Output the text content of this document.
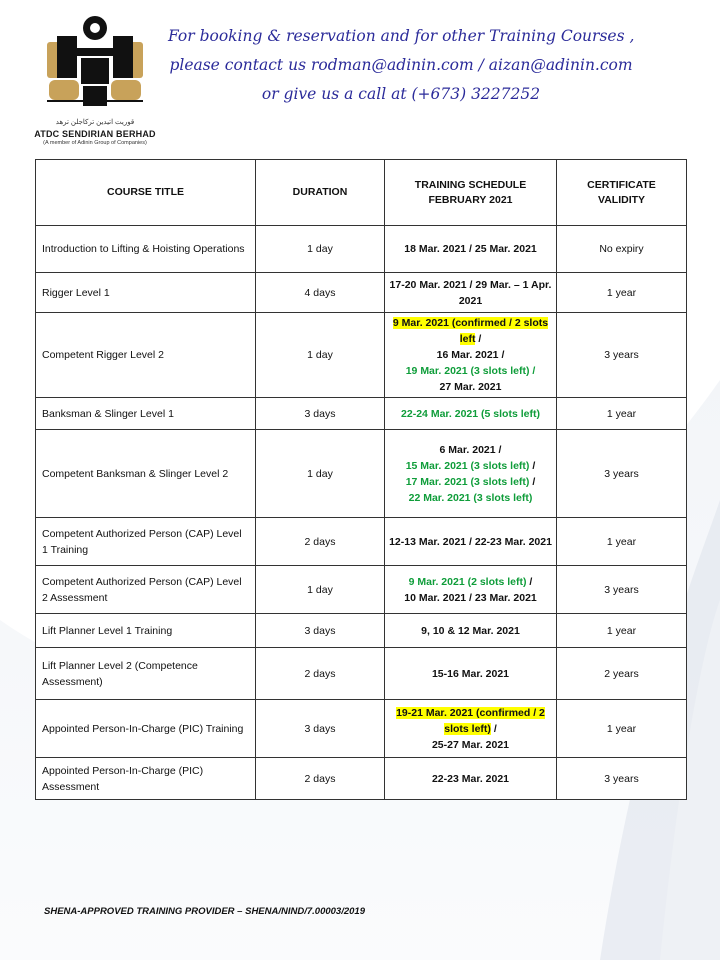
قوريت اتيدين ترکاجلن ترهد
ATDC SENDIRIAN BERHAD
(A member of Adinin Group of Companies)
For booking & reservation and for other Training Courses ,
please contact us rodman@adinin.com / aizan@adinin.com
or give us a call at (+673) 3227252
COURSE TITLE	DURATION	TRAINING SCHEDULE FEBRUARY 2021	CERTIFICATE VALIDITY
Introduction to Lifting & Hoisting Operations	1 day	18 Mar. 2021 / 25 Mar. 2021	No expiry
Rigger Level 1	4 days	17-20 Mar. 2021 / 29 Mar. – 1 Apr. 2021	1 year
Competent Rigger Level 2	1 day	9 Mar. 2021 (confirmed / 2 slots left /
16 Mar. 2021 /
19 Mar. 2021 (3 slots left) /
27 Mar. 2021	3 years
Banksman & Slinger Level 1	3 days	22-24 Mar. 2021 (5 slots left)	1 year
Competent Banksman & Slinger Level 2	1 day	6 Mar. 2021 /
15 Mar. 2021 (3 slots left) /
17 Mar. 2021 (3 slots left) /
22 Mar. 2021 (3 slots left)	3 years
Competent Authorized Person (CAP) Level 1 Training	2 days	12-13 Mar. 2021 / 22-23 Mar. 2021	1 year
Competent Authorized Person (CAP) Level 2 Assessment	1 day	9 Mar. 2021 (2 slots left) /
10 Mar. 2021 / 23 Mar. 2021	3 years
Lift Planner Level 1 Training	3 days	9, 10 & 12 Mar. 2021	1 year
Lift Planner Level 2 (Competence Assessment)	2 days	15-16 Mar. 2021	2 years
Appointed Person-In-Charge (PIC) Training	3 days	19-21 Mar. 2021 (confirmed / 2 slots left) /
25-27 Mar. 2021	1 year
Appointed Person-In-Charge (PIC) Assessment	2 days	22-23 Mar. 2021	3 years
SHENA-APPROVED TRAINING PROVIDER – SHENA/NIND/7.00003/2019
